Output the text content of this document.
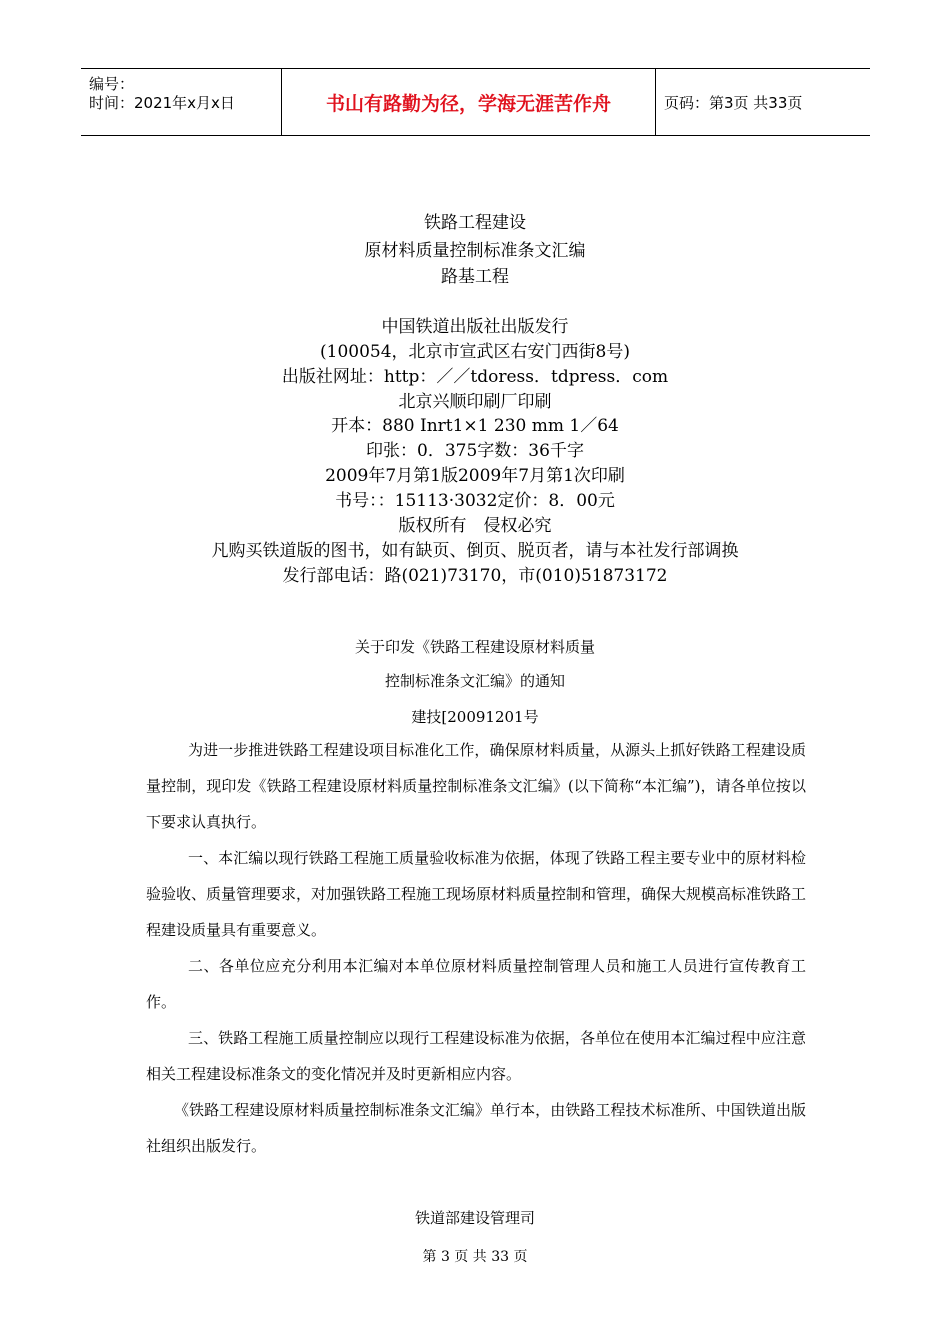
编号：
时间：2021年x月x日	书山有路勤为径，学海无涯苦作舟	页码：第3页 共33页
铁路工程建设
原材料质量控制标准条文汇编
路基工程
中国铁道出版社出版发行
(100054，北京市宣武区右安门西街8号)
出版社网址：http：／／tdoress．tdpress．com
北京兴顺印刷厂印刷
开本：880 Inrt1×1 230 mm 1／64
印张：0．375字数：36千字
2009年7月第1版2009年7月第1次印刷
书号：：15113·3032定价：8．00元
版权所有　侵权必究
凡购买铁道版的图书，如有缺页、倒页、脱页者，请与本社发行部调换
发行部电话：路(021)73170，市(010)51873172
关于印发《铁路工程建设原材料质量
控制标准条文汇编》的通知
建技[20091201号

为进一步推进铁路工程建设项目标准化工作，确保原材料质量，从源头上抓好铁路工程建设质量控制，现印发《铁路工程建设原材料质量控制标准条文汇编》(以下简称“本汇编”)，请各单位按以下要求认真执行。

一、本汇编以现行铁路工程施工质量验收标准为依据，体现了铁路工程主要专业中的原材料检验验收、质量管理要求，对加强铁路工程施工现场原材料质量控制和管理，确保大规模高标准铁路工程建设质量具有重要意义。

二、各单位应充分利用本汇编对本单位原材料质量控制管理人员和施工人员进行宣传教育工作。

三、铁路工程施工质量控制应以现行工程建设标准为依据，各单位在使用本汇编过程中应注意相关工程建设标准条文的变化情况并及时更新相应内容。

《铁路工程建设原材料质量控制标准条文汇编》单行本，由铁路工程技术标准所、中国铁道出版社组织出版发行。

铁道部建设管理司
第 3 页 共 33 页
